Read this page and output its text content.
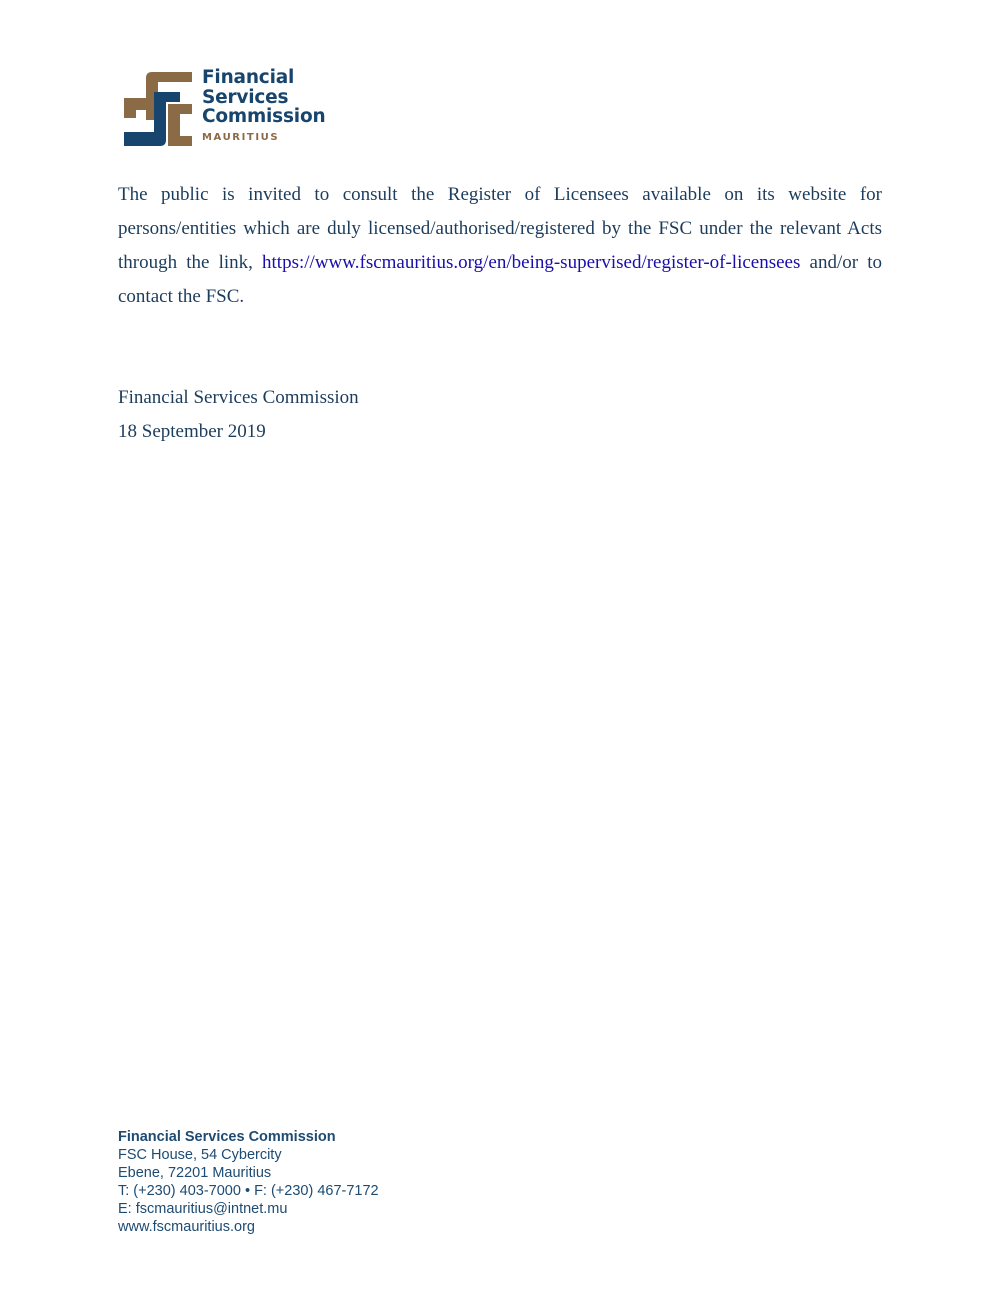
Financial
Services
Commission
MAURITIUS

The public is invited to consult the Register of Licensees available on its website for persons/entities which are duly licensed/authorised/registered by the FSC under the relevant Acts through the link, https://www.fscmauritius.org/en/being-supervised/register-of-licensees and/or to contact the FSC.

Financial Services Commission
18 September 2019
Financial Services Commission
FSC House, 54 Cybercity
Ebene, 72201 Mauritius
T: (+230) 403-7000 • F: (+230) 467-7172
E: fscmauritius@intnet.mu
www.fscmauritius.org
